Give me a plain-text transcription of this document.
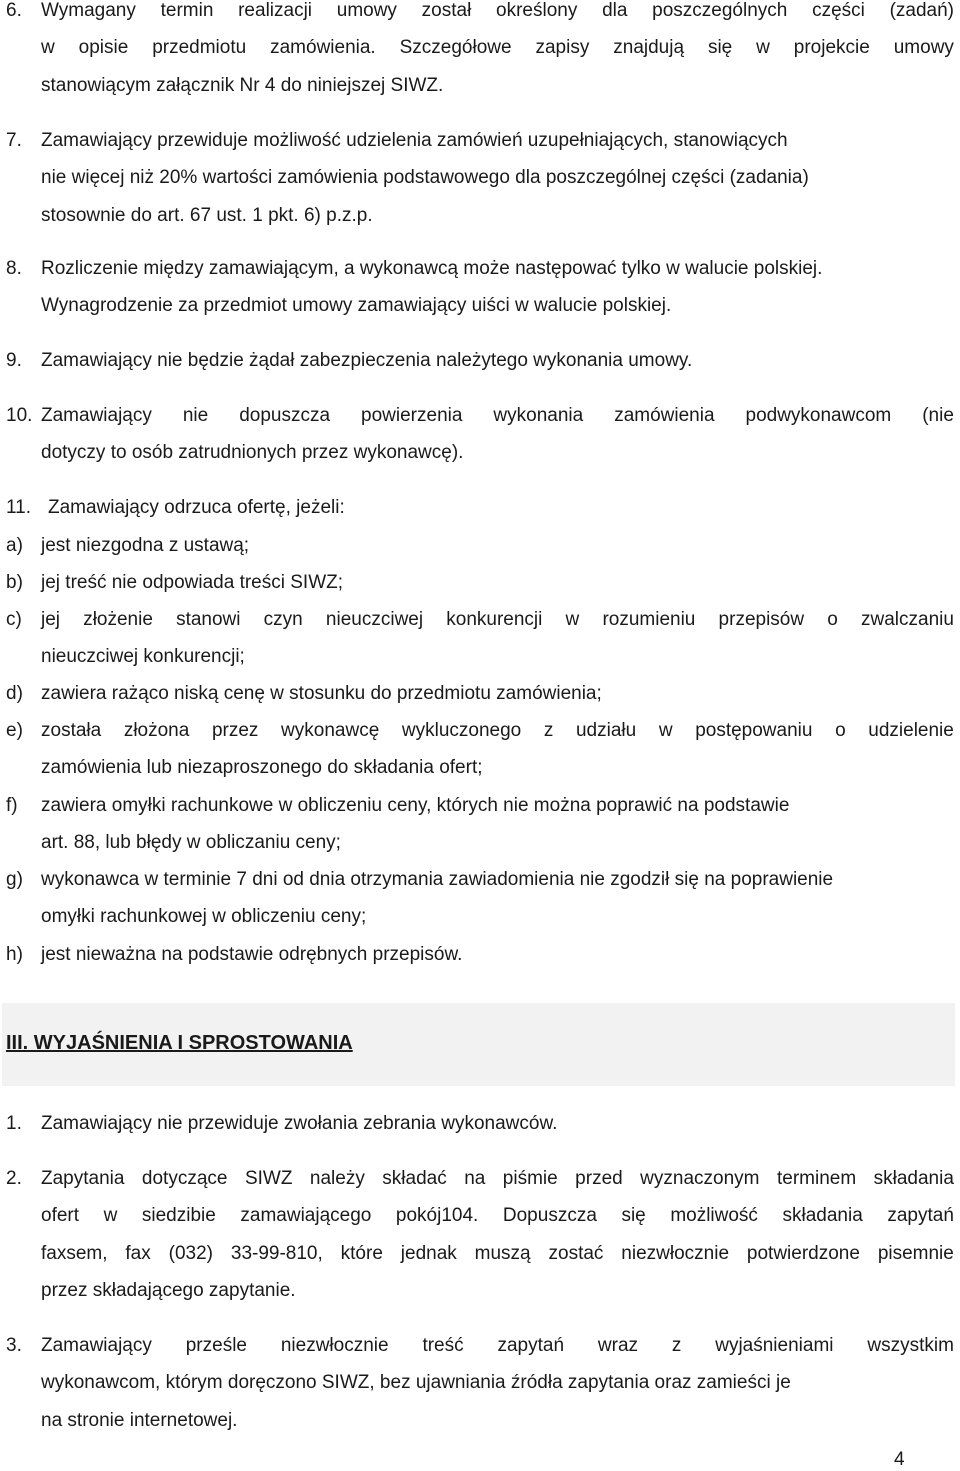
6. Wymagany termin realizacji umowy został określony dla poszczególnych części (zadań)
w opisie przedmiotu zamówienia. Szczegółowe zapisy znajdują się w projekcie umowy
stanowiącym załącznik Nr 4 do niniejszej SIWZ.
7. Zamawiający przewiduje możliwość udzielenia zamówień uzupełniających, stanowiących
nie więcej niż 20% wartości zamówienia podstawowego dla poszczególnej części (zadania)
stosownie do art. 67 ust. 1 pkt. 6) p.z.p.
8. Rozliczenie między zamawiającym, a wykonawcą może następować tylko w walucie polskiej.
Wynagrodzenie za przedmiot umowy zamawiający uiści w walucie polskiej.
9. Zamawiający nie będzie żądał zabezpieczenia należytego wykonania umowy.
10. Zamawiający nie dopuszcza powierzenia wykonania zamówienia podwykonawcom (nie
dotyczy to osób zatrudnionych przez wykonawcę).
11. Zamawiający odrzuca ofertę, jeżeli:
a) jest niezgodna z ustawą;
b) jej treść nie odpowiada treści SIWZ;
c) jej złożenie stanowi czyn nieuczciwej konkurencji w rozumieniu przepisów o zwalczaniu
nieuczciwej konkurencji;
d) zawiera rażąco niską cenę w stosunku do przedmiotu zamówienia;
e) została złożona przez wykonawcę wykluczonego z udziału w postępowaniu o udzielenie
zamówienia lub niezaproszonego do składania ofert;
f) zawiera omyłki rachunkowe w obliczeniu ceny, których nie można poprawić na podstawie
art. 88, lub błędy w obliczaniu ceny;
g) wykonawca w terminie 7 dni od dnia otrzymania zawiadomienia nie zgodził się na poprawienie
omyłki rachunkowej w obliczeniu ceny;
h) jest nieważna na podstawie odrębnych przepisów.
III. WYJAŚNIENIA I SPROSTOWANIA
1. Zamawiający nie przewiduje zwołania zebrania wykonawców.
2. Zapytania dotyczące SIWZ należy składać na piśmie przed wyznaczonym terminem składania
ofert w siedzibie zamawiającego pokój104. Dopuszcza się możliwość składania zapytań
faxsem, fax (032) 33-99-810, które jednak muszą zostać niezwłocznie potwierdzone pisemnie
przez składającego zapytanie.
3. Zamawiający prześle niezwłocznie treść zapytań wraz z wyjaśnieniami wszystkim
wykonawcom, którym doręczono SIWZ, bez ujawniania źródła zapytania oraz zamieści je
na stronie internetowej.
4
